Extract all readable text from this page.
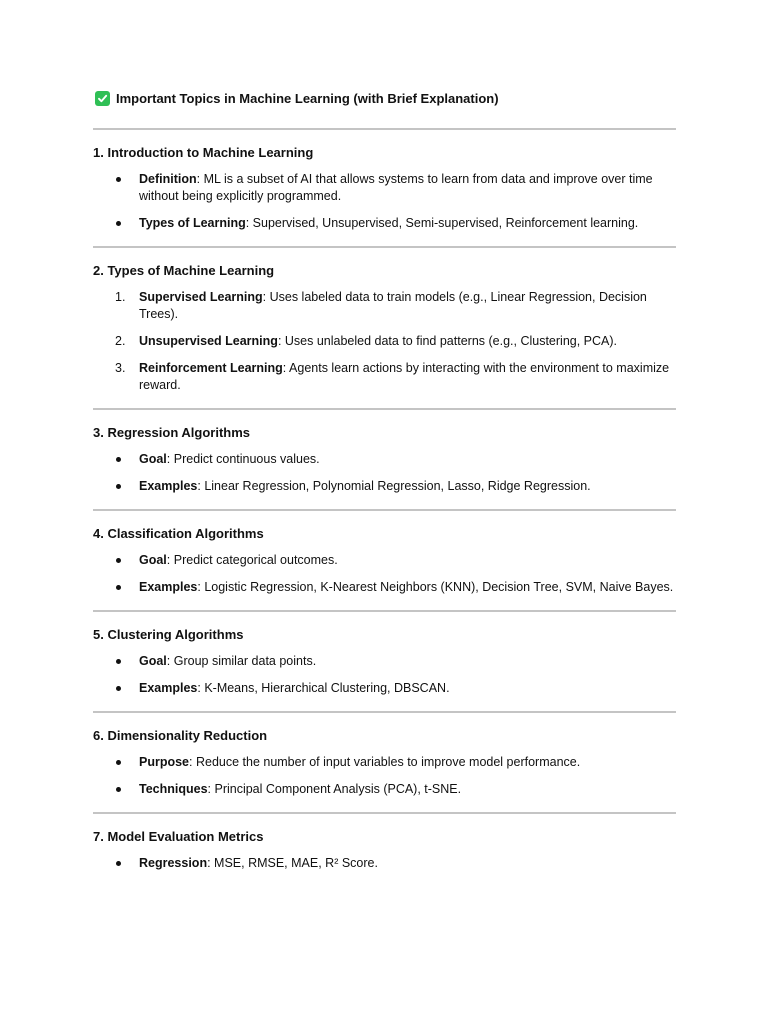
Important Topics in Machine Learning (with Brief Explanation)
1. Introduction to Machine Learning
Definition: ML is a subset of AI that allows systems to learn from data and improve over time without being explicitly programmed.
Types of Learning: Supervised, Unsupervised, Semi-supervised, Reinforcement learning.
2. Types of Machine Learning
1. Supervised Learning: Uses labeled data to train models (e.g., Linear Regression, Decision Trees).
2. Unsupervised Learning: Uses unlabeled data to find patterns (e.g., Clustering, PCA).
3. Reinforcement Learning: Agents learn actions by interacting with the environment to maximize reward.
3. Regression Algorithms
Goal: Predict continuous values.
Examples: Linear Regression, Polynomial Regression, Lasso, Ridge Regression.
4. Classification Algorithms
Goal: Predict categorical outcomes.
Examples: Logistic Regression, K-Nearest Neighbors (KNN), Decision Tree, SVM, Naive Bayes.
5. Clustering Algorithms
Goal: Group similar data points.
Examples: K-Means, Hierarchical Clustering, DBSCAN.
6. Dimensionality Reduction
Purpose: Reduce the number of input variables to improve model performance.
Techniques: Principal Component Analysis (PCA), t-SNE.
7. Model Evaluation Metrics
Regression: MSE, RMSE, MAE, R² Score.
